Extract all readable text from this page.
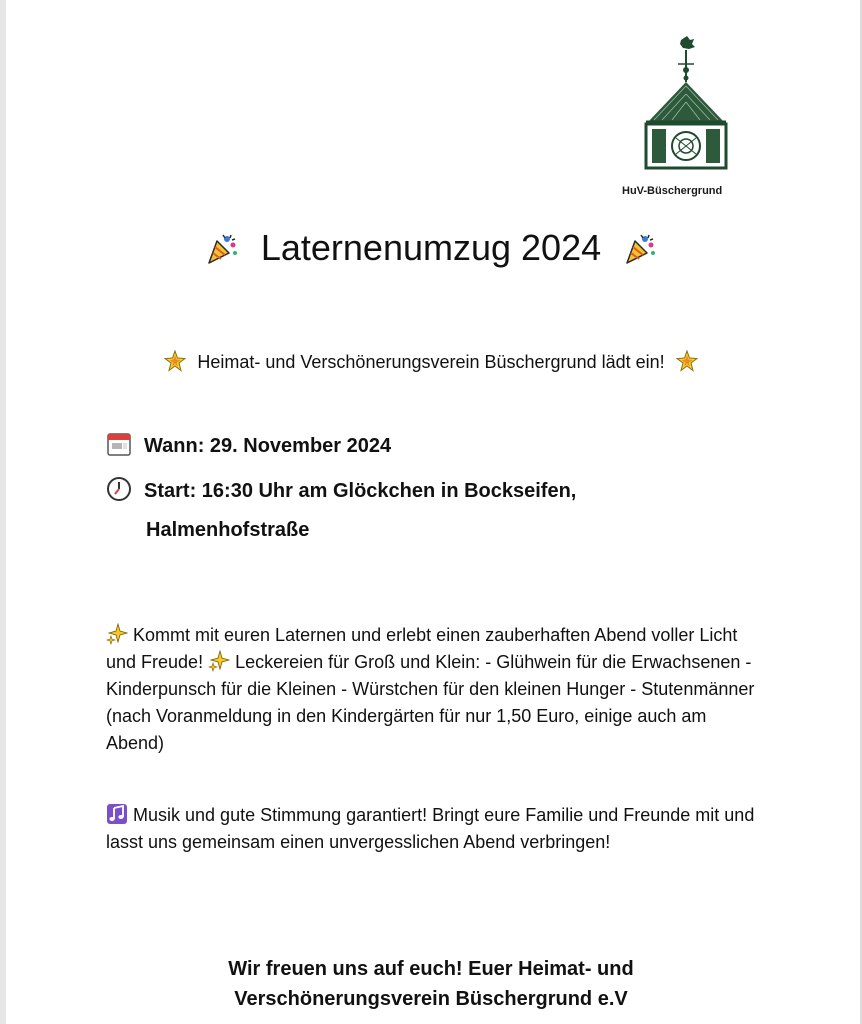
HuV-Büschergrund
Laternenumzug 2024
Heimat- und Verschönerungsverein Büschergrund lädt ein!
Wann: 29. November 2024
Start: 16:30 Uhr am Glöckchen in Bockseifen,
Halmenhofstraße
Kommt mit euren Laternen und erlebt einen zauberhaften Abend voller Licht und Freude! Leckereien für Groß und Klein: - Glühwein für die Erwachsenen - Kinderpunsch für die Kleinen - Würstchen für den kleinen Hunger - Stutenmänner (nach Voranmeldung in den Kindergärten für nur 1,50 Euro, einige auch am Abend)
Musik und gute Stimmung garantiert! Bringt eure Familie und Freunde mit und lasst uns gemeinsam einen unvergesslichen Abend verbringen!
Wir freuen uns auf euch! Euer Heimat- und
Verschönerungsverein Büschergrund e.V
